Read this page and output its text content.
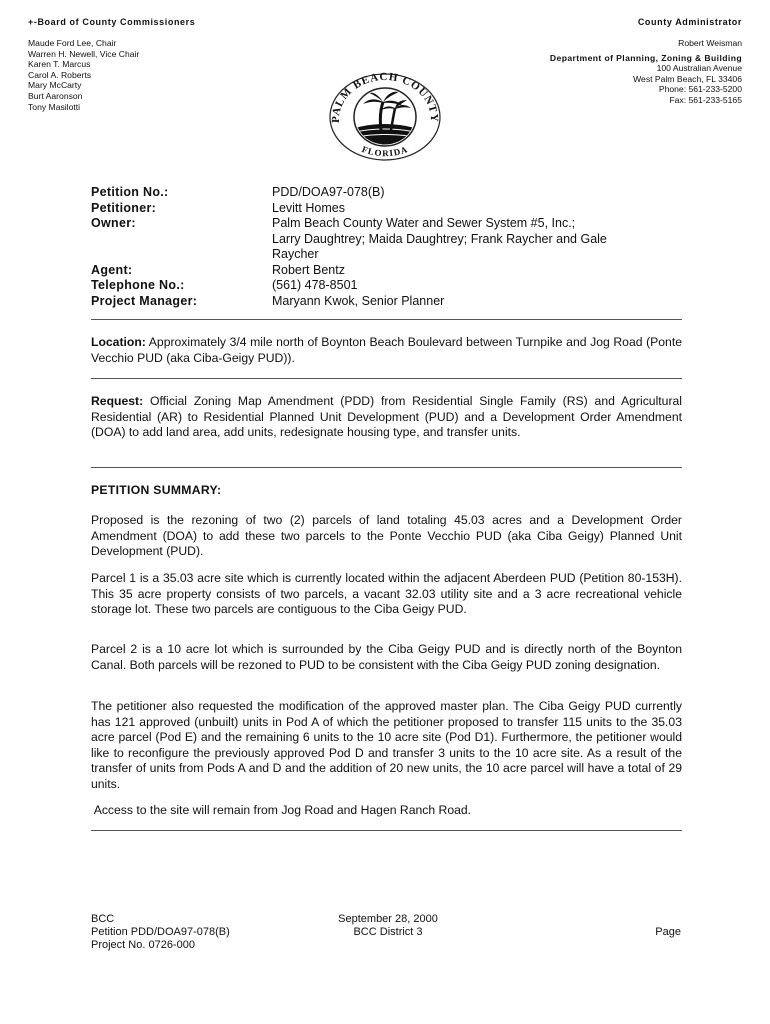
+-Board of County Commissioners
Maude Ford Lee, Chair
Warren H. Newell, Vice Chair
Karen T. Marcus
Carol A. Roberts
Mary McCarty
Burt Aaronson
Tony Masilotti
County Administrator
Robert Weisman
Department of Planning, Zoning & Building
100 Australian Avenue
West Palm Beach, FL 33406
Phone: 561-233-5200
Fax: 561-233-5165
PALM BEACH COUNTY
FLORIDA
Petition No.:	PDD/DOA97-078(B)
Petitioner:	Levitt Homes
Owner:	Palm Beach County Water and Sewer System #5, Inc.;
Larry Daughtrey; Maida Daughtrey; Frank Raycher and Gale
Raycher
Agent:	Robert Bentz
Telephone No.:	(561) 478-8501
Project Manager:	Maryann Kwok, Senior Planner
Location: Approximately 3/4 mile north of Boynton Beach Boulevard between Turnpike and Jog Road (Ponte Vecchio PUD (aka Ciba-Geigy PUD)).
Request: Official Zoning Map Amendment (PDD) from Residential Single Family (RS) and Agricultural Residential (AR) to Residential Planned Unit Development (PUD) and a Development Order Amendment (DOA) to add land area, add units, redesignate housing type, and transfer units.
PETITION SUMMARY:
Proposed is the rezoning of two (2) parcels of land totaling 45.03 acres and a Development Order Amendment (DOA) to add these two parcels to the Ponte Vecchio PUD (aka Ciba Geigy) Planned Unit Development (PUD).
Parcel 1 is a 35.03 acre site which is currently located within the adjacent Aberdeen PUD (Petition 80-153H). This 35 acre property consists of two parcels, a vacant 32.03 utility site and a 3 acre recreational vehicle storage lot. These two parcels are contiguous to the Ciba Geigy PUD.
Parcel 2 is a 10 acre lot which is surrounded by the Ciba Geigy PUD and is directly north of the Boynton Canal. Both parcels will be rezoned to PUD to be consistent with the Ciba Geigy PUD zoning designation.
The petitioner also requested the modification of the approved master plan. The Ciba Geigy PUD currently has 121 approved (unbuilt) units in Pod A of which the petitioner proposed to transfer 115 units to the 35.03 acre parcel (Pod E) and the remaining 6 units to the 10 acre site (Pod D1). Furthermore, the petitioner would like to reconfigure the previously approved Pod D and transfer 3 units to the 10 acre site. As a result of the transfer of units from Pods A and D and the addition of 20 new units, the 10 acre parcel will have a total of 29 units.
Access to the site will remain from Jog Road and Hagen Ranch Road.
BCC
Petition PDD/DOA97-078(B)
Project No. 0726-000
September 28, 2000
BCC District 3	Page
